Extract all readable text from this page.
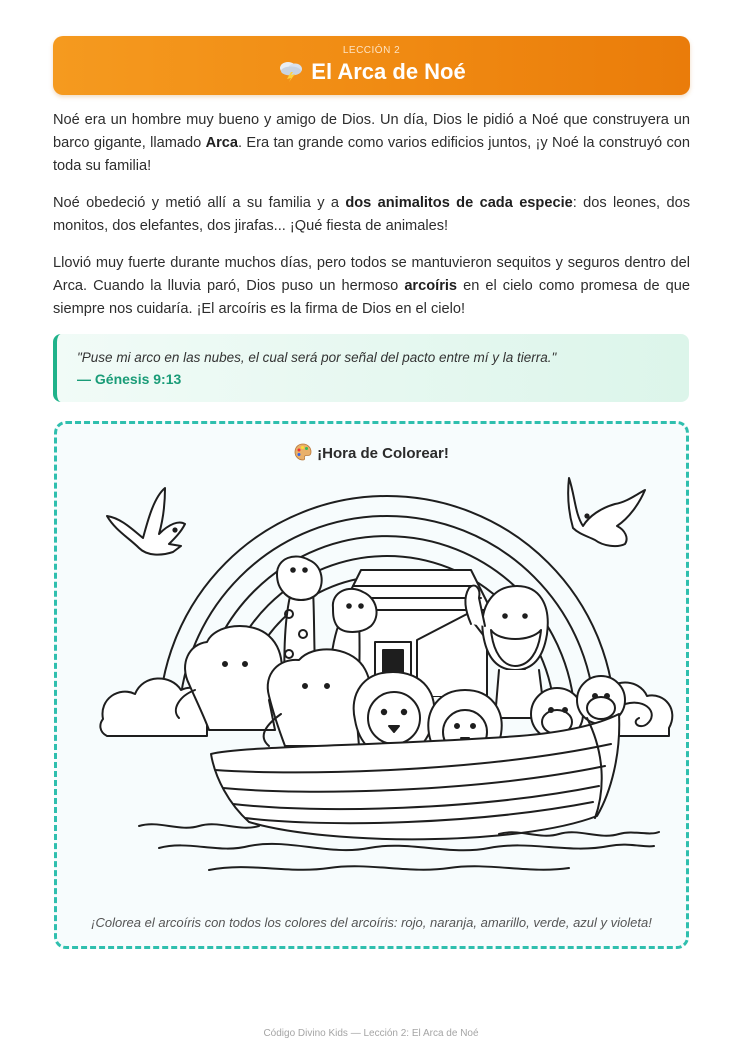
LECCIÓN 2
El Arca de Noé

Noé era un hombre muy bueno y amigo de Dios. Un día, Dios le pidió a Noé que construyera un barco gigante, llamado Arca. Era tan grande como varios edificios juntos, ¡y Noé la construyó con toda su familia!

Noé obedeció y metió allí a su familia y a dos animalitos de cada especie: dos leones, dos monitos, dos elefantes, dos jirafas... ¡Qué fiesta de animales!

Llovió muy fuerte durante muchos días, pero todos se mantuvieron sequitos y seguros dentro del Arca. Cuando la lluvia paró, Dios puso un hermoso arcoíris en el cielo como promesa de que siempre nos cuidaría. ¡El arcoíris es la firma de Dios en el cielo!

"Puse mi arco en las nubes, el cual será por señal del pacto entre mí y la tierra."
— Génesis 9:13
¡Hora de Colorear!
¡Colorea el arcoíris con todos los colores del arcoíris: rojo, naranja, amarillo, verde, azul y violeta!
Código Divino Kids — Lección 2: El Arca de Noé
